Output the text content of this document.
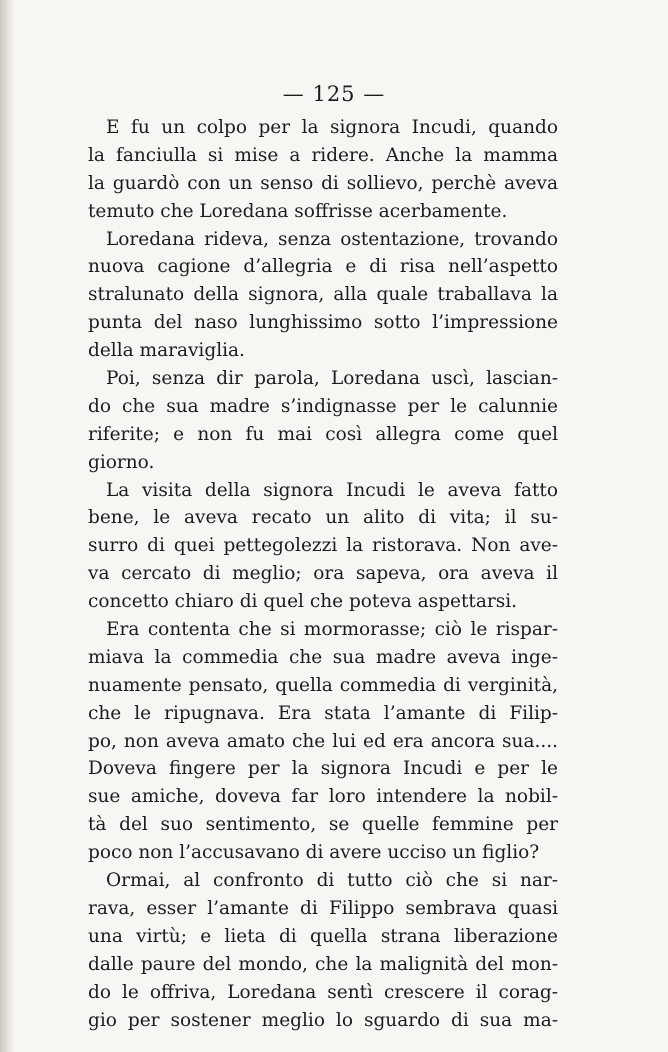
— 125 —
E fu un colpo per la signora Incudi, quando
la fanciulla si mise a ridere. Anche la mamma
la guardò con un senso di sollievo, perchè aveva
temuto che Loredana soffrisse acerbamente.
Loredana rideva, senza ostentazione, trovando
nuova cagione d’allegria e di risa nell’aspetto
stralunato della signora, alla quale traballava la
punta del naso lunghissimo sotto l’impressione
della maraviglia.
Poi, senza dir parola, Loredana uscì, lascian-
do che sua madre s’indignasse per le calunnie
riferite; e non fu mai così allegra come quel
giorno.
La visita della signora Incudi le aveva fatto
bene, le aveva recato un alito di vita; il su-
surro di quei pettegolezzi la ristorava. Non ave-
va cercato di meglio; ora sapeva, ora aveva il
concetto chiaro di quel che poteva aspettarsi.
Era contenta che si mormorasse; ciò le rispar-
miava la commedia che sua madre aveva inge-
nuamente pensato, quella commedia di verginità,
che le ripugnava. Era stata l’amante di Filip-
po, non aveva amato che lui ed era ancora sua....
Doveva fingere per la signora Incudi e per le
sue amiche, doveva far loro intendere la nobil-
tà del suo sentimento, se quelle femmine per
poco non l’accusavano di avere ucciso un figlio?
Ormai, al confronto di tutto ciò che si nar-
rava, esser l’amante di Filippo sembrava quasi
una virtù; e lieta di quella strana liberazione
dalle paure del mondo, che la malignità del mon-
do le offriva, Loredana sentì crescere il corag-
gio per sostener meglio lo sguardo di sua ma-
